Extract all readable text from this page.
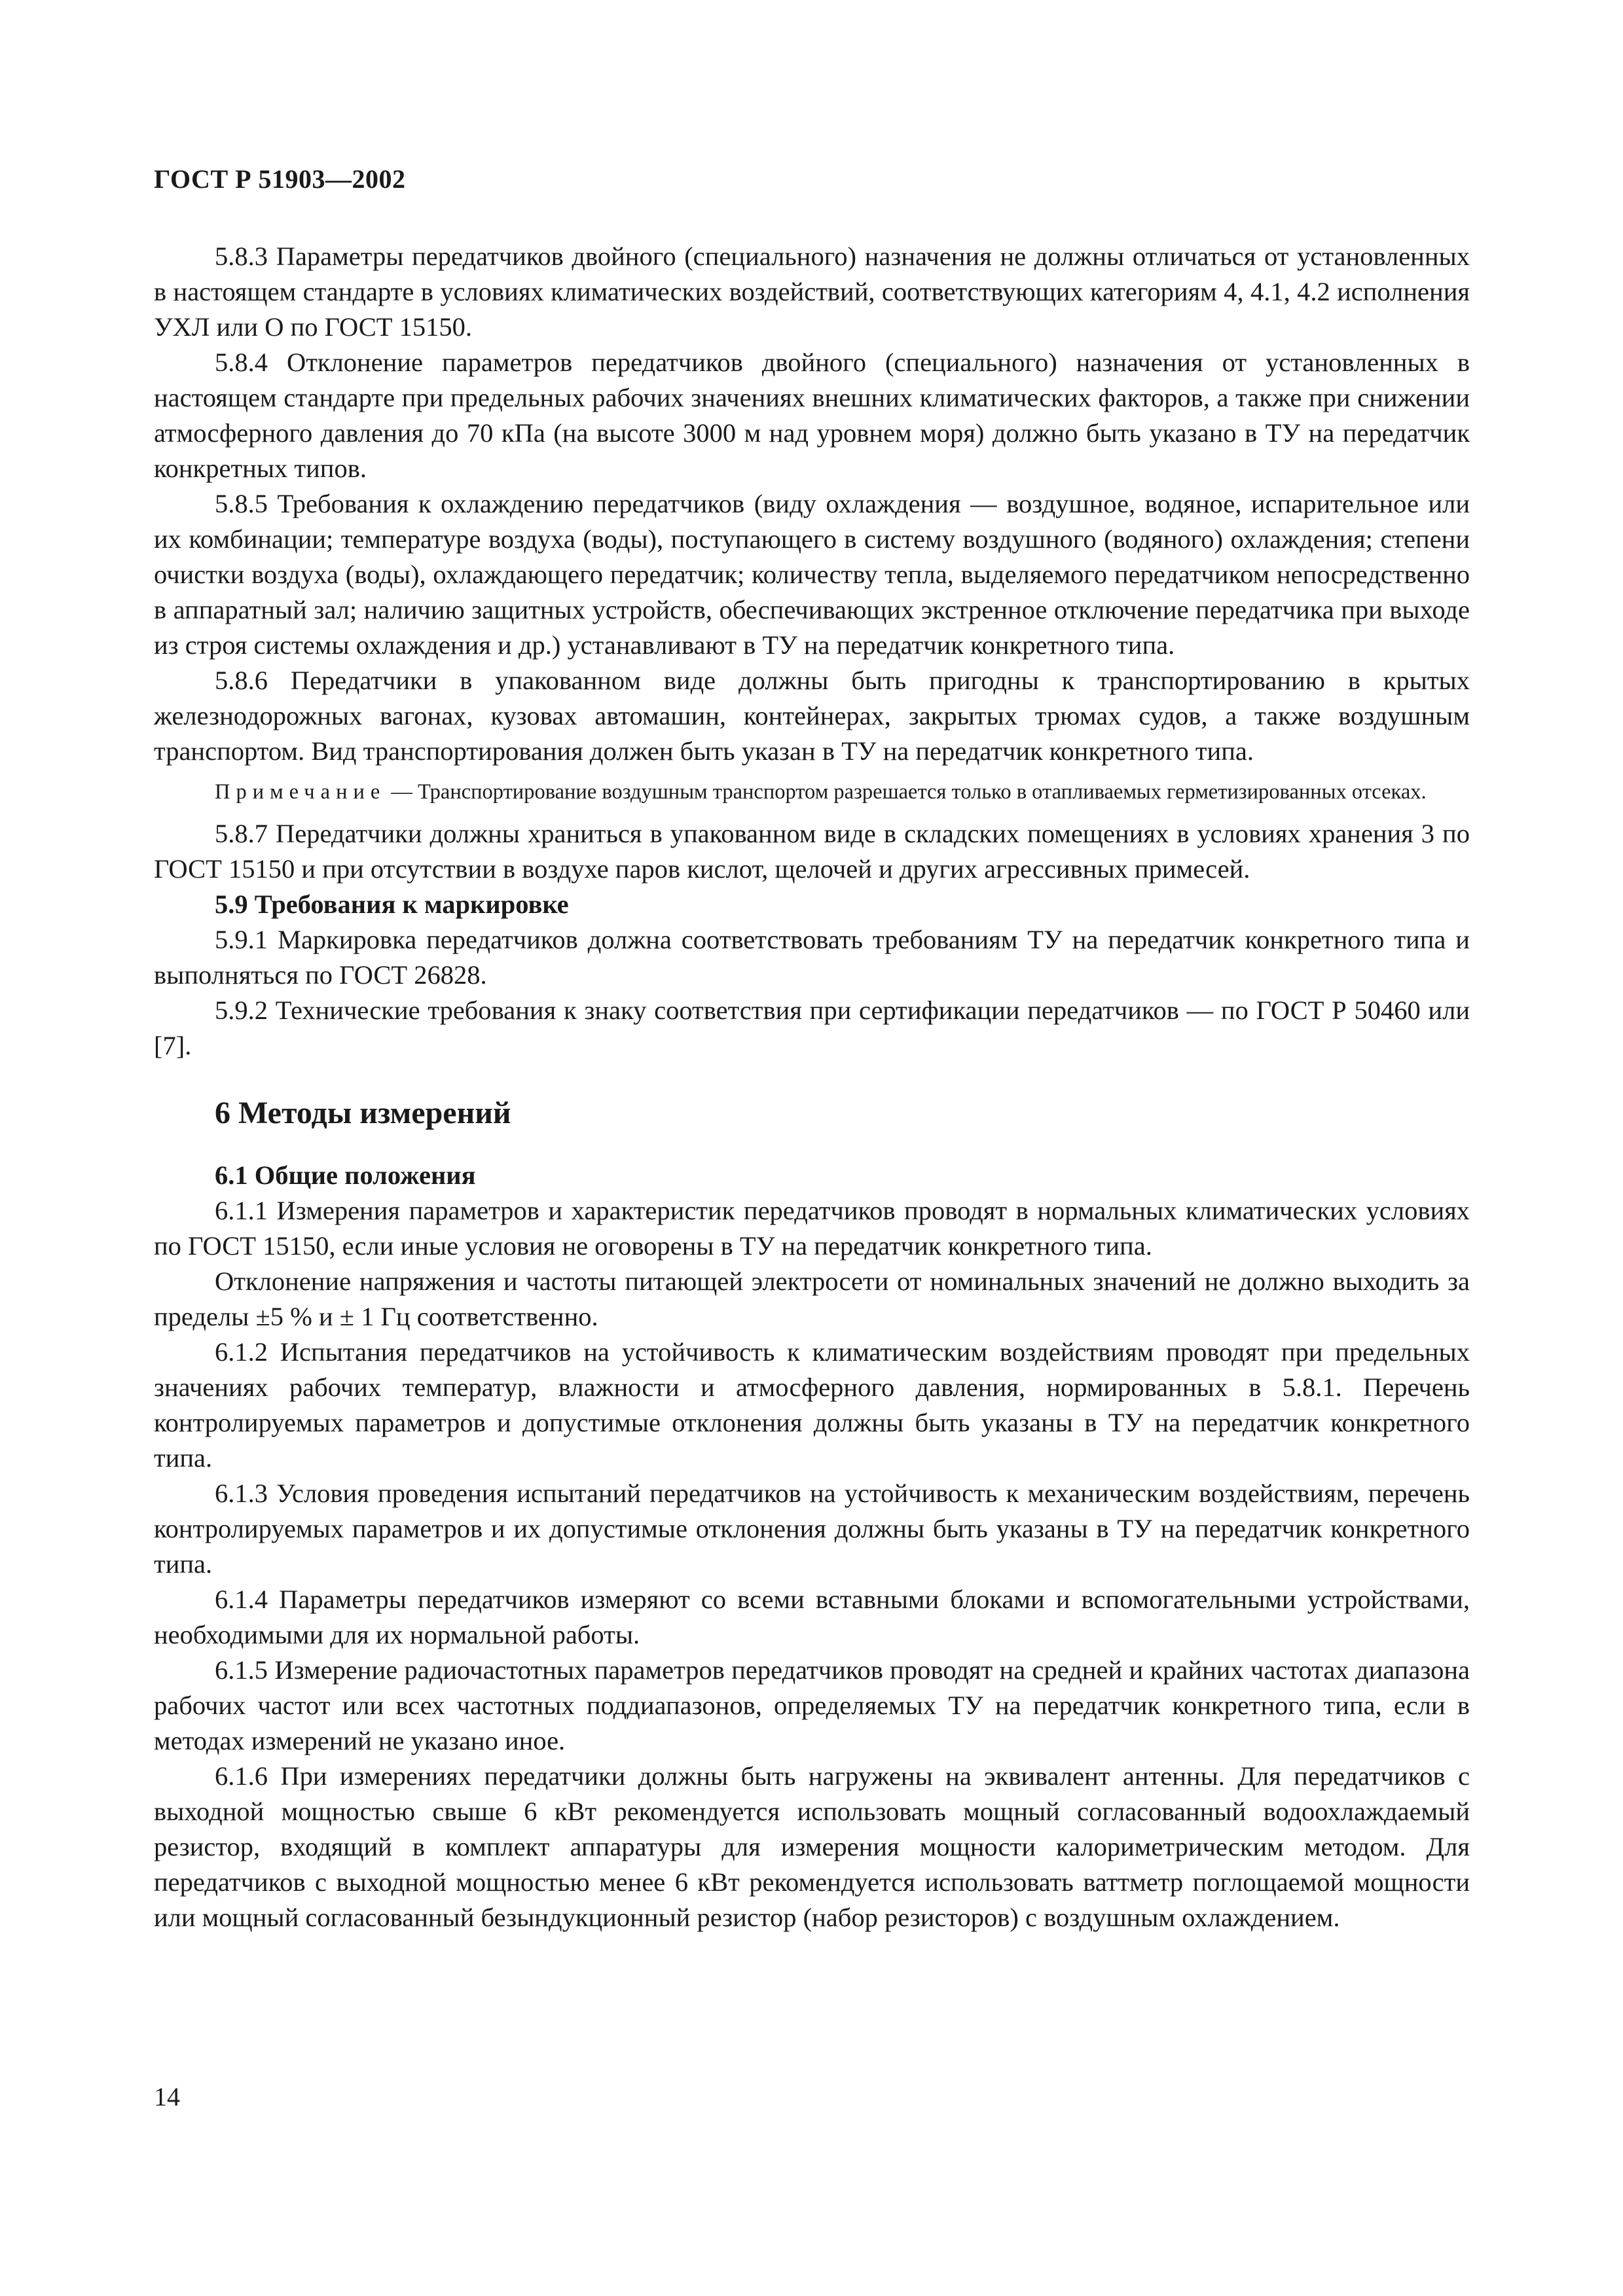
ГОСТ Р 51903—2002

5.8.3 Параметры передатчиков двойного (специального) назначения не должны отличаться от установленных в настоящем стандарте в условиях климатических воздействий, соответствующих категориям 4, 4.1, 4.2 исполнения УХЛ или О по ГОСТ 15150.

5.8.4 Отклонение параметров передатчиков двойного (специального) назначения от установленных в настоящем стандарте при предельных рабочих значениях внешних климатических факторов, а также при снижении атмосферного давления до 70 кПа (на высоте 3000 м над уровнем моря) должно быть указано в ТУ на передатчик конкретных типов.

5.8.5 Требования к охлаждению передатчиков (виду охлаждения — воздушное, водяное, испарительное или их комбинации; температуре воздуха (воды), поступающего в систему воздушного (водяного) охлаждения; степени очистки воздуха (воды), охлаждающего передатчик; количеству тепла, выделяемого передатчиком непосредственно в аппаратный зал; наличию защитных устройств, обеспечивающих экстренное отключение передатчика при выходе из строя системы охлаждения и др.) устанавливают в ТУ на передатчик конкретного типа.

5.8.6 Передатчики в упакованном виде должны быть пригодны к транспортированию в крытых железнодорожных вагонах, кузовах автомашин, контейнерах, закрытых трюмах судов, а также воздушным транспортом. Вид транспортирования должен быть указан в ТУ на передатчик конкретного типа.

Примечание — Транспортирование воздушным транспортом разрешается только в отапливаемых герметизированных отсеках.

5.8.7 Передатчики должны храниться в упакованном виде в складских помещениях в условиях хранения 3 по ГОСТ 15150 и при отсутствии в воздухе паров кислот, щелочей и других агрессивных примесей.

5.9 Требования к маркировке

5.9.1 Маркировка передатчиков должна соответствовать требованиям ТУ на передатчик конкретного типа и выполняться по ГОСТ 26828.

5.9.2 Технические требования к знаку соответствия при сертификации передатчиков — по ГОСТ Р 50460 или [7].

6 Методы измерений

6.1 Общие положения

6.1.1 Измерения параметров и характеристик передатчиков проводят в нормальных климатических условиях по ГОСТ 15150, если иные условия не оговорены в ТУ на передатчик конкретного типа.

Отклонение напряжения и частоты питающей электросети от номинальных значений не должно выходить за пределы ±5 % и ± 1 Гц соответственно.

6.1.2 Испытания передатчиков на устойчивость к климатическим воздействиям проводят при предельных значениях рабочих температур, влажности и атмосферного давления, нормированных в 5.8.1. Перечень контролируемых параметров и допустимые отклонения должны быть указаны в ТУ на передатчик конкретного типа.

6.1.3 Условия проведения испытаний передатчиков на устойчивость к механическим воздействиям, перечень контролируемых параметров и их допустимые отклонения должны быть указаны в ТУ на передатчик конкретного типа.

6.1.4 Параметры передатчиков измеряют со всеми вставными блоками и вспомогательными устройствами, необходимыми для их нормальной работы.

6.1.5 Измерение радиочастотных параметров передатчиков проводят на средней и крайних частотах диапазона рабочих частот или всех частотных поддиапазонов, определяемых ТУ на передатчик конкретного типа, если в методах измерений не указано иное.

6.1.6 При измерениях передатчики должны быть нагружены на эквивалент антенны. Для передатчиков с выходной мощностью свыше 6 кВт рекомендуется использовать мощный согласованный водоохлаждаемый резистор, входящий в комплект аппаратуры для измерения мощности калориметрическим методом. Для передатчиков с выходной мощностью менее 6 кВт рекомендуется использовать ваттметр поглощаемой мощности или мощный согласованный безындукционный резистор (набор резисторов) с воздушным охлаждением.

14
